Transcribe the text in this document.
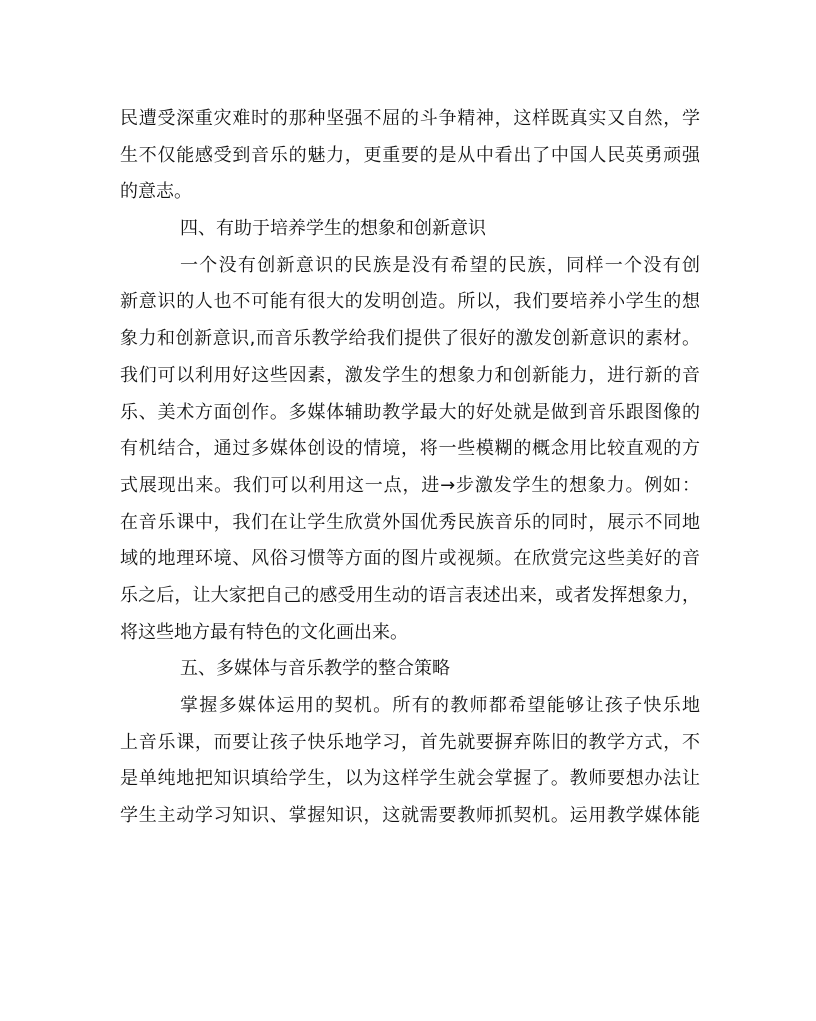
民遭受深重灾难时的那种坚强不屈的斗争精神，这样既真实又自然，学
生不仅能感受到音乐的魅力，更重要的是从中看出了中国人民英勇顽强
的意志。
四、有助于培养学生的想象和创新意识
一个没有创新意识的民族是没有希望的民族，同样一个没有创
新意识的人也不可能有很大的发明创造。所以，我们要培养小学生的想
象力和创新意识,而音乐教学给我们提供了很好的激发创新意识的素材。
我们可以利用好这些因素，激发学生的想象力和创新能力，进行新的音
乐、美术方面创作。多媒体辅助教学最大的好处就是做到音乐跟图像的
有机结合，通过多媒体创设的情境，将一些模糊的概念用比较直观的方
式展现出来。我们可以利用这一点，进→步激发学生的想象力。例如：
在音乐课中，我们在让学生欣赏外国优秀民族音乐的同时，展示不同地
域的地理环境、风俗习惯等方面的图片或视频。在欣赏完这些美好的音
乐之后，让大家把自己的感受用生动的语言表述出来，或者发挥想象力，
将这些地方最有特色的文化画出来。
五、多媒体与音乐教学的整合策略
掌握多媒体运用的契机。所有的教师都希望能够让孩子快乐地
上音乐课，而要让孩子快乐地学习，首先就要摒弃陈旧的教学方式，不
是单纯地把知识填给学生，以为这样学生就会掌握了。教师要想办法让
学生主动学习知识、掌握知识，这就需要教师抓契机。运用教学媒体能
